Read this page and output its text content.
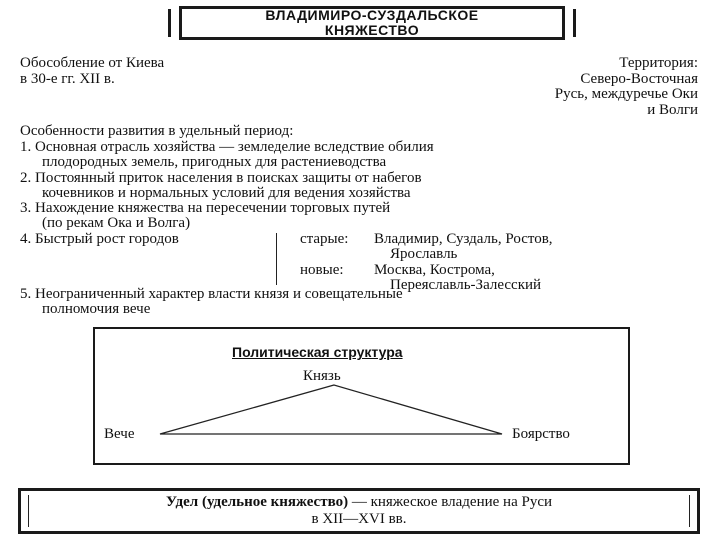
ВЛАДИМИРО-СУЗДАЛЬСКОЕ
КНЯЖЕСТВО
Обособление от Киева
в 30-е гг. XII в.
Территория:
Северо-Восточная
Русь, междуречье Оки
и Волги
Особенности развития в удельный период:
1. Основная отрасль хозяйства — земледелие вследствие обилия
плодородных земель, пригодных для растениеводства
2. Постоянный приток населения в поисках защиты от набегов
кочевников и нормальных условий для ведения хозяйства
3. Нахождение княжества на пересечении торговых путей
(по рекам Ока и Волга)
4. Быстрый рост городов	старые: Владимир, Суздаль, Ростов,
Ярославль
новые: Москва, Кострома,
Переяславль-Залесский
5. Неограниченный характер власти князя и совещательные
полномочия вече
Политическая структура
Князь
Вече	Боярство
Удел (удельное княжество) — княжеское владение на Руси
в XII—XVI вв.
